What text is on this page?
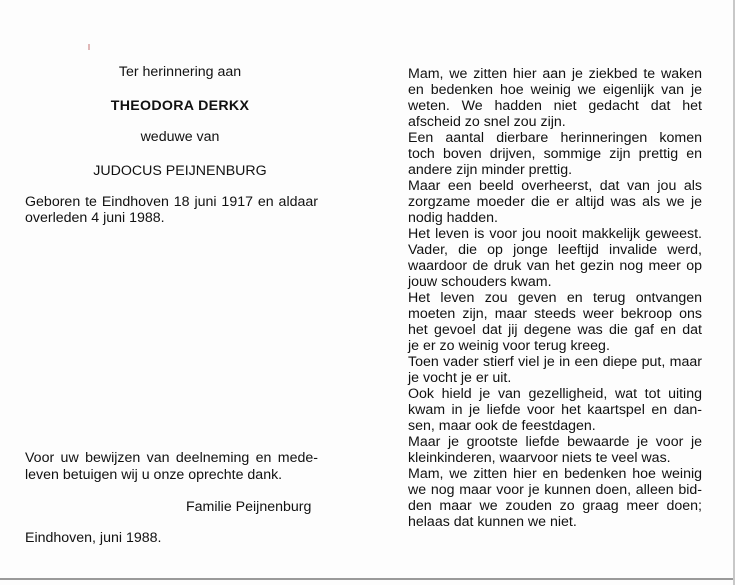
Ter herinnering aan
THEODORA DERKX
weduwe van
JUDOCUS PEIJNENBURG
Geboren te Eindhoven 18 juni 1917 en aldaar
overleden 4 juni 1988.
Voor uw bewijzen van deelneming en mede-
leven betuigen wij u onze oprechte dank.
Familie Peijnenburg
Eindhoven, juni 1988.
Mam, we zitten hier aan je ziekbed te waken
en bedenken hoe weinig we eigenlijk van je
weten. We hadden niet gedacht dat het
afscheid zo snel zou zijn.
Een aantal dierbare herinneringen komen
toch boven drijven, sommige zijn prettig en
andere zijn minder prettig.
Maar een beeld overheerst, dat van jou als
zorgzame moeder die er altijd was als we je
nodig hadden.
Het leven is voor jou nooit makkelijk geweest.
Vader, die op jonge leeftijd invalide werd,
waardoor de druk van het gezin nog meer op
jouw schouders kwam.
Het leven zou geven en terug ontvangen
moeten zijn, maar steeds weer bekroop ons
het gevoel dat jij degene was die gaf en dat
je er zo weinig voor terug kreeg.
Toen vader stierf viel je in een diepe put, maar
je vocht je er uit.
Ook hield je van gezelligheid, wat tot uiting
kwam in je liefde voor het kaartspel en dan-
sen, maar ook de feestdagen.
Maar je grootste liefde bewaarde je voor je
kleinkinderen, waarvoor niets te veel was.
Mam, we zitten hier en bedenken hoe weinig
we nog maar voor je kunnen doen, alleen bid-
den maar we zouden zo graag meer doen;
helaas dat kunnen we niet.
